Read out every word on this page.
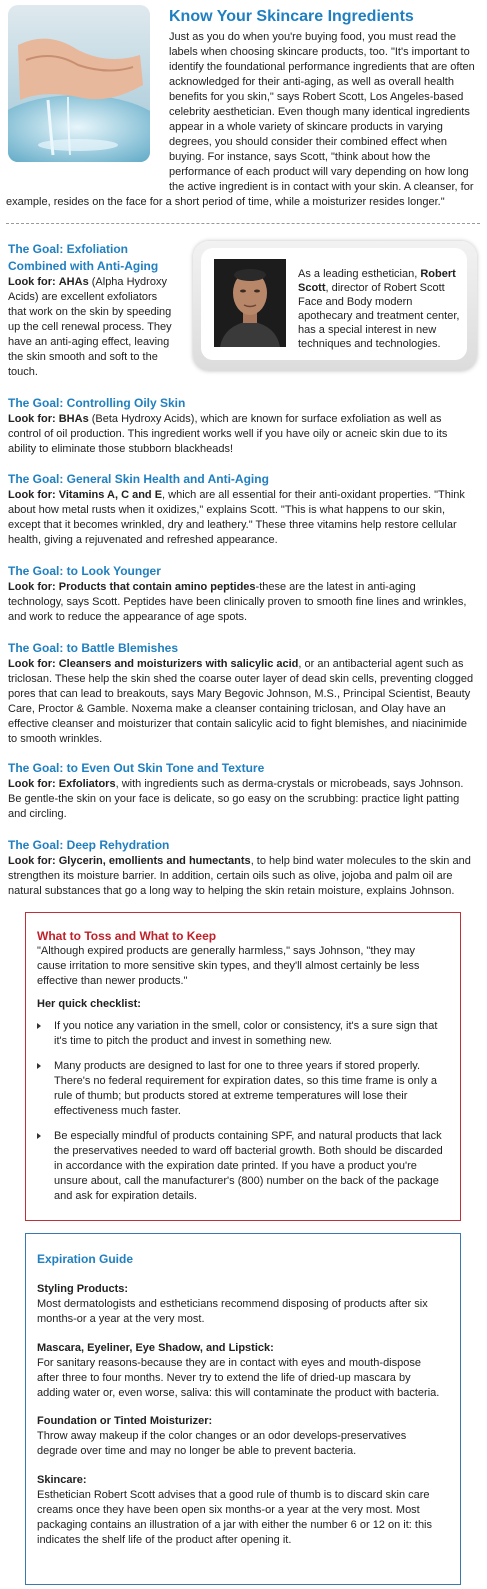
Know Your Skincare Ingredients

Just as you do when you're buying food, you must read the labels when choosing skincare products, too. "It's important to identify the foundational performance ingredients that are often acknowledged for their anti-aging, as well as overall health benefits for you skin," says Robert Scott, Los Angeles-based celebrity aesthetician. Even though many identical ingredients appear in a whole variety of skincare products in varying degrees, you should consider their combined effect when buying. For instance, says Scott, "think about how the performance of each product will vary depending on how long the active ingredient is in contact with your skin. A cleanser, for example, resides on the face for a short period of time, while a moisturizer resides longer."

The Goal: Exfoliation Combined with Anti-Aging

Look for: AHAs (Alpha Hydroxy Acids) are excellent exfoliators that work on the skin by speeding up the cell renewal process. They have an anti-aging effect, leaving the skin smooth and soft to the touch.

As a leading esthetician, Robert Scott, director of Robert Scott Face and Body modern apothecary and treatment center, has a special interest in new techniques and technologies.
The Goal: Controlling Oily Skin

Look for: BHAs (Beta Hydroxy Acids), which are known for surface exfoliation as well as control of oil production. This ingredient works well if you have oily or acneic skin due to its ability to eliminate those stubborn blackheads!

The Goal: General Skin Health and Anti-Aging

Look for: Vitamins A, C and E, which are all essential for their anti-oxidant properties. "Think about how metal rusts when it oxidizes," explains Scott. "This is what happens to our skin, except that it becomes wrinkled, dry and leathery." These three vitamins help restore cellular health, giving a rejuvenated and refreshed appearance.

The Goal: to Look Younger

Look for: Products that contain amino peptides-these are the latest in anti-aging technology, says Scott. Peptides have been clinically proven to smooth fine lines and wrinkles, and work to reduce the appearance of age spots.

The Goal: to Battle Blemishes

Look for: Cleansers and moisturizers with salicylic acid, or an antibacterial agent such as triclosan. These help the skin shed the coarse outer layer of dead skin cells, preventing clogged pores that can lead to breakouts, says Mary Begovic Johnson, M.S., Principal Scientist, Beauty Care, Proctor & Gamble. Noxema make a cleanser containing triclosan, and Olay have an effective cleanser and moisturizer that contain salicylic acid to fight blemishes, and niacinimide to smooth wrinkles.

The Goal: to Even Out Skin Tone and Texture

Look for: Exfoliators, with ingredients such as derma-crystals or microbeads, says Johnson. Be gentle-the skin on your face is delicate, so go easy on the scrubbing: practice light patting and circling.

The Goal: Deep Rehydration

Look for: Glycerin, emollients and humectants, to help bind water molecules to the skin and strengthen its moisture barrier. In addition, certain oils such as olive, jojoba and palm oil are natural substances that go a long way to helping the skin retain moisture, explains Johnson.

What to Toss and What to Keep

"Although expired products are generally harmless," says Johnson, "they may cause irritation to more sensitive skin types, and they'll almost certainly be less effective than newer products."

Her quick checklist:

If you notice any variation in the smell, color or consistency, it's a sure sign that it's time to pitch the product and invest in something new.

Many products are designed to last for one to three years if stored properly. There's no federal requirement for expiration dates, so this time frame is only a rule of thumb; but products stored at extreme temperatures will lose their effectiveness much faster.

Be especially mindful of products containing SPF, and natural products that lack the preservatives needed to ward off bacterial growth. Both should be discarded in accordance with the expiration date printed. If you have a product you're unsure about, call the manufacturer's (800) number on the back of the package and ask for expiration details.

Expiration Guide
Styling Products:

Most dermatologists and estheticians recommend disposing of products after six months-or a year at the very most.

Mascara, Eyeliner, Eye Shadow, and Lipstick:

For sanitary reasons-because they are in contact with eyes and mouth-dispose after three to four months. Never try to extend the life of dried-up mascara by adding water or, even worse, saliva: this will contaminate the product with bacteria.

Foundation or Tinted Moisturizer:

Throw away makeup if the color changes or an odor develops-preservatives degrade over time and may no longer be able to prevent bacteria.

Skincare:

Esthetician Robert Scott advises that a good rule of thumb is to discard skin care creams once they have been open six months-or a year at the very most. Most packaging contains an illustration of a jar with either the number 6 or 12 on it: this indicates the shelf life of the product after opening it.
